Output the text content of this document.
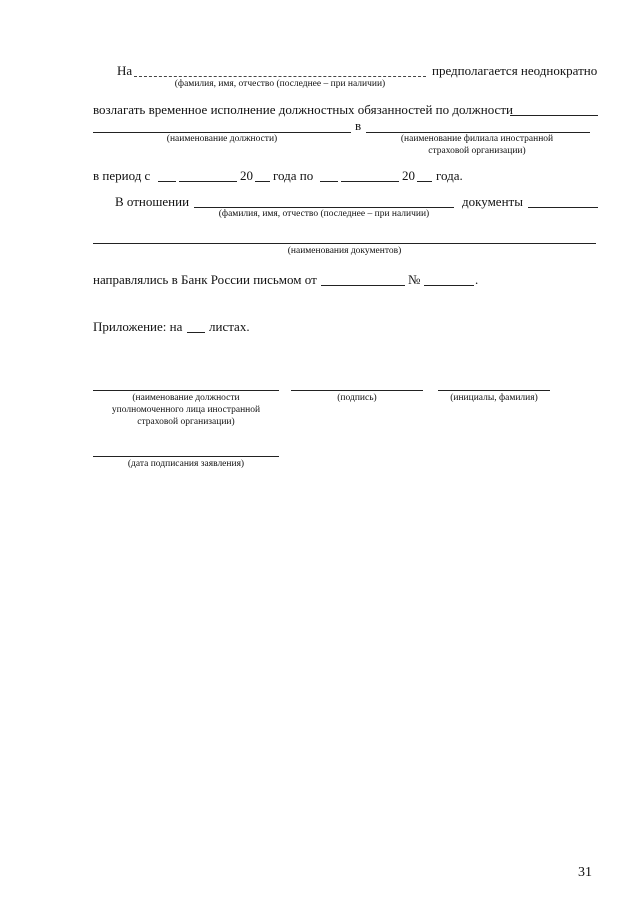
На	предполагается неоднократно
(фамилия, имя, отчество (последнее – при наличии)
возлагать временное исполнение должностных обязанностей по должности
в
(наименование должности)	(наименование филиала иностранной
страховой организации)
в период с	20 года по	20 года.
В отношении	документы
(фамилия, имя, отчество (последнее – при наличии)
(наименования документов)
направлялись в Банк России письмом от	№	.
Приложение: на листах.
(наименование должности
уполномоченного лица иностранной
страховой организации)
(подпись)	(инициалы, фамилия)
(дата подписания заявления)
31
